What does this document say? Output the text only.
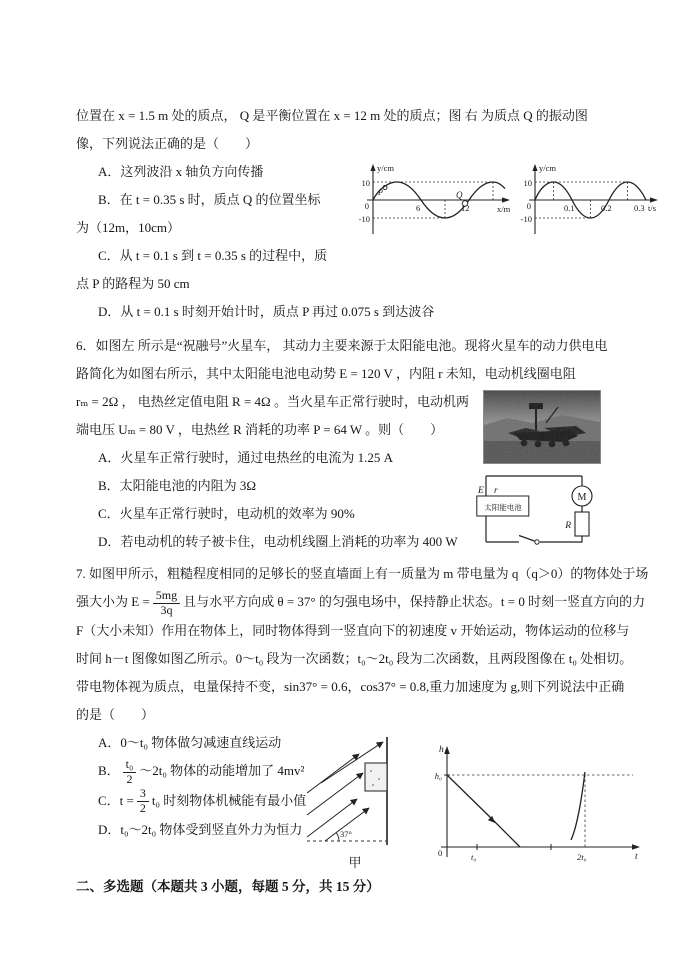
位置在 x = 1.5 m 处的质点， Q 是平衡位置在 x = 12 m 处的质点；图 右 为质点 Q 的振动图
像，下列说法正确的是（　　）
P	Q
y/cm
x/m
10
0
-10
6	12
y/cm
10
0
-10
0.1	0.2	0.3 t/s
A．这列波沿 x 轴负方向传播
B．在 t = 0.35 s 时，质点 Q 的位置坐标
为（12m，10cm）
C．从 t = 0.1 s 到 t = 0.35 s 的过程中，质
点 P 的路程为 50 cm
D．从 t = 0.1 s 时刻开始计时，质点 P 再过 0.075 s 到达波谷
6．如图左 所示是“祝融号”火星车， 其动力主要来源于太阳能电池。现将火星车的动力供电电
路简化为如图右所示，其中太阳能电池电动势 E = 120 V ，内阻 r 未知，电动机线圈电阻
太阳能电池
E r
M
R
rₘ = 2Ω ， 电热丝定值电阻 R = 4Ω 。当火星车正常行驶时，电动机两
端电压 Uₘ = 80 V ，电热丝 R 消耗的功率 P = 64 W 。则（　　）
A．火星车正常行驶时，通过电热丝的电流为 1.25 A
B．太阳能电池的内阻为 3Ω
C．火星车正常行驶时，电动机的效率为 90%
D．若电动机的转子被卡住，电动机线圈上消耗的功率为 400 W
7. 如图甲所示，粗糙程度相同的足够长的竖直墙面上有一质量为 m 带电量为 q（q＞0）的物体处于场
强大小为 $E = \frac{5mg}{3q}$ 且与水平方向成 θ = 37° 的匀强电场中，保持静止状态。t = 0 时刻一竖直方向的力
F（大小未知）作用在物体上，同时物体得到一竖直向下的初速度 v 开始运动，物体运动的位移与
时间 h－t 图像如图乙所示。0～t₀ 段为一次函数；t₀～2t₀ 段为二次函数，且两段图像在 t₀ 处相切。
带电物体视为质点，电量保持不变，sin37° = 0.6，cos37° = 0.8,重力加速度为 g,则下列说法中正确
的是（　　）
37°
甲
h
t
0
h₀
t₀	2t₀
A．0～t₀ 物体做匀减速直线运动
B． $\frac{\text{t₀}}{2}$ ～2t₀ 物体的动能增加了 4mv²
C．$t = \frac{3}{2} t_0$ 时刻物体机械能有最小值
D．t₀～2t₀ 物体受到竖直外力为恒力
二、多选题（本题共 3 小题，每题 5 分，共 15 分）
